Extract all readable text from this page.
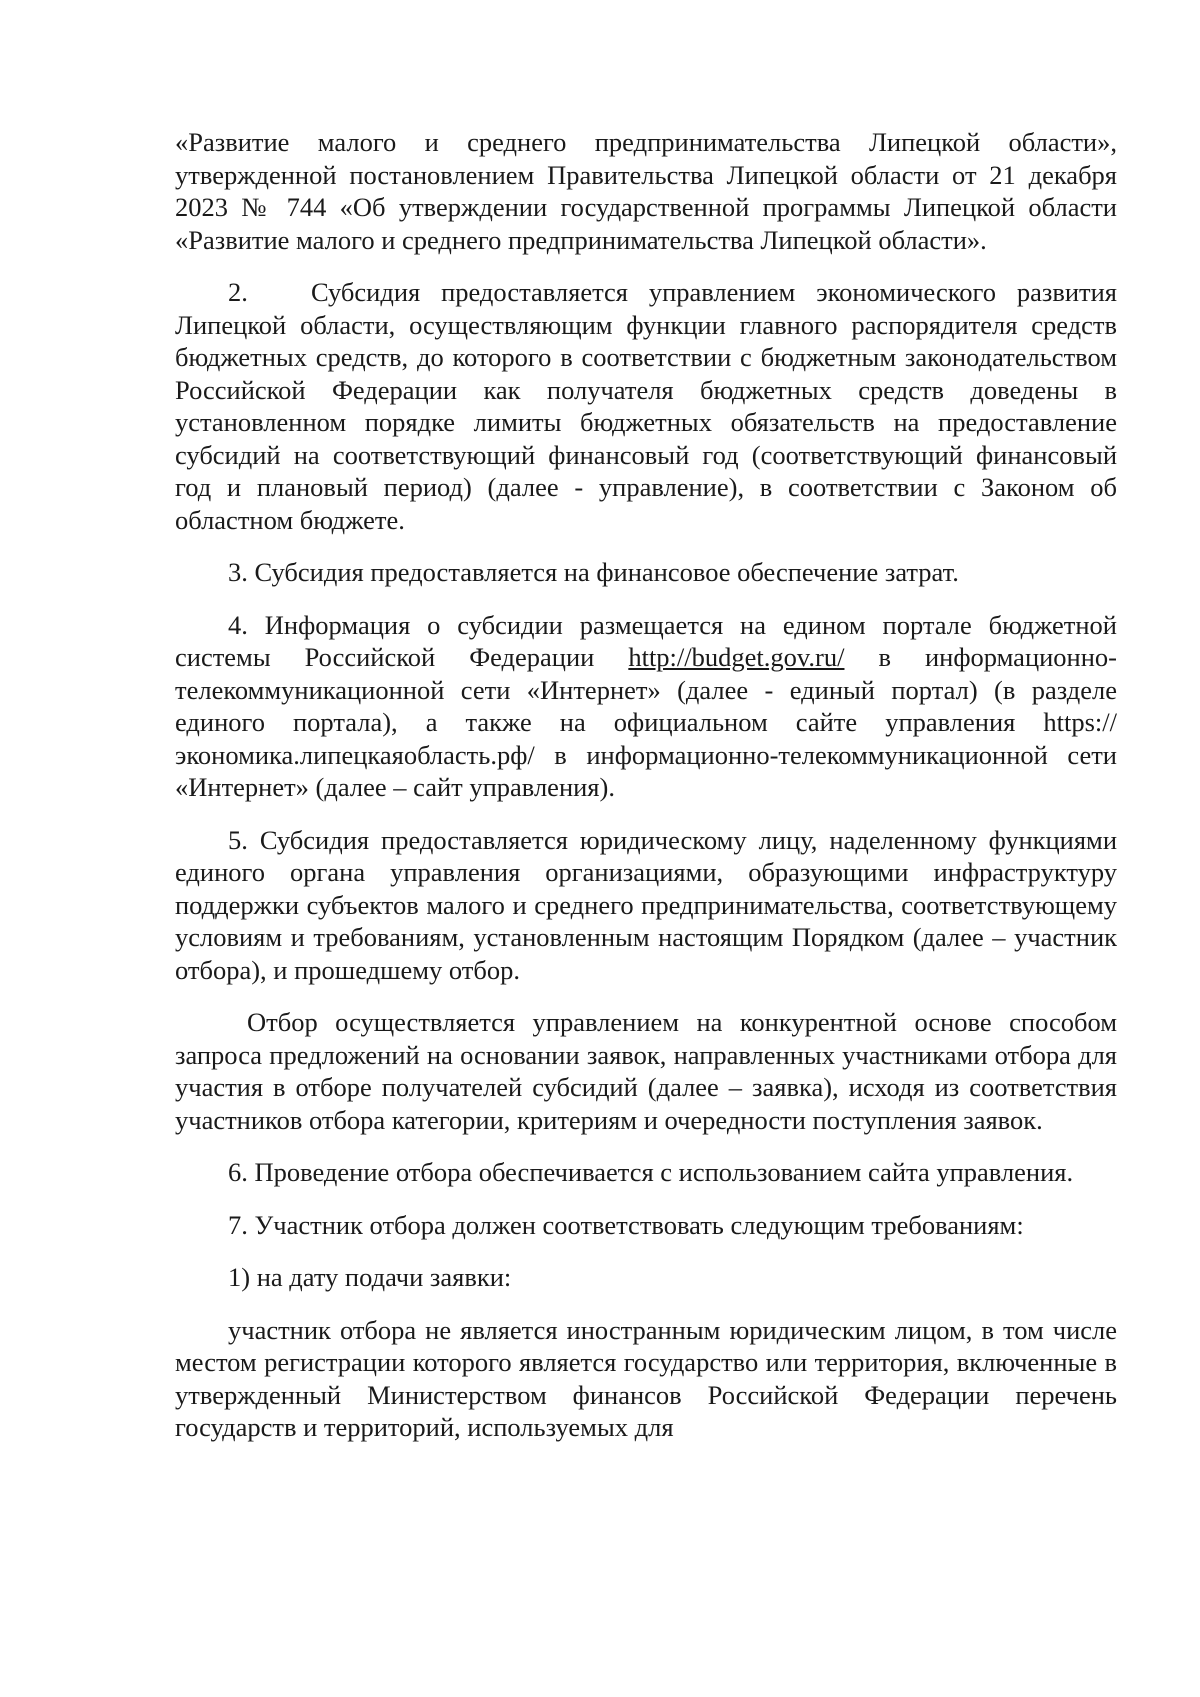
«Развитие малого и среднего предпринимательства Липецкой области», утвержденной постановлением Правительства Липецкой области от 21 декабря 2023 № 744 «Об утверждении государственной программы Липецкой области «Развитие малого и среднего предпринимательства Липецкой области».

2. Субсидия предоставляется управлением экономического развития Липецкой области, осуществляющим функции главного распорядителя средств бюджетных средств, до которого в соответствии с бюджетным законодательством Российской Федерации как получателя бюджетных средств доведены в установленном порядке лимиты бюджетных обязательств на предоставление субсидий на соответствующий финансовый год (соответствующий финансовый год и плановый период) (далее - управление), в соответствии с Законом об областном бюджете.

3. Субсидия предоставляется на финансовое обеспечение затрат.

4. Информация о субсидии размещается на едином портале бюджетной системы Российской Федерации http://budget.gov.ru/ в информационно-телекоммуникационной сети «Интернет» (далее - единый портал) (в разделе единого портала), а также на официальном сайте управления https://экономика.липецкаяобласть.рф/ в информационно-телекоммуникационной сети «Интернет» (далее – сайт управления).

5. Субсидия предоставляется юридическому лицу, наделенному функциями единого органа управления организациями, образующими инфраструктуру поддержки субъектов малого и среднего предпринимательства, соответствующему условиям и требованиям, установленным настоящим Порядком (далее – участник отбора), и прошедшему отбор.

Отбор осуществляется управлением на конкурентной основе способом запроса предложений на основании заявок, направленных участниками отбора для участия в отборе получателей субсидий (далее – заявка), исходя из соответствия участников отбора категории, критериям и очередности поступления заявок.

6. Проведение отбора обеспечивается с использованием сайта управления.

7. Участник отбора должен соответствовать следующим требованиям:

1) на дату подачи заявки:

участник отбора не является иностранным юридическим лицом, в том числе местом регистрации которого является государство или территория, включенные в утвержденный Министерством финансов Российской Федерации перечень государств и территорий, используемых для
